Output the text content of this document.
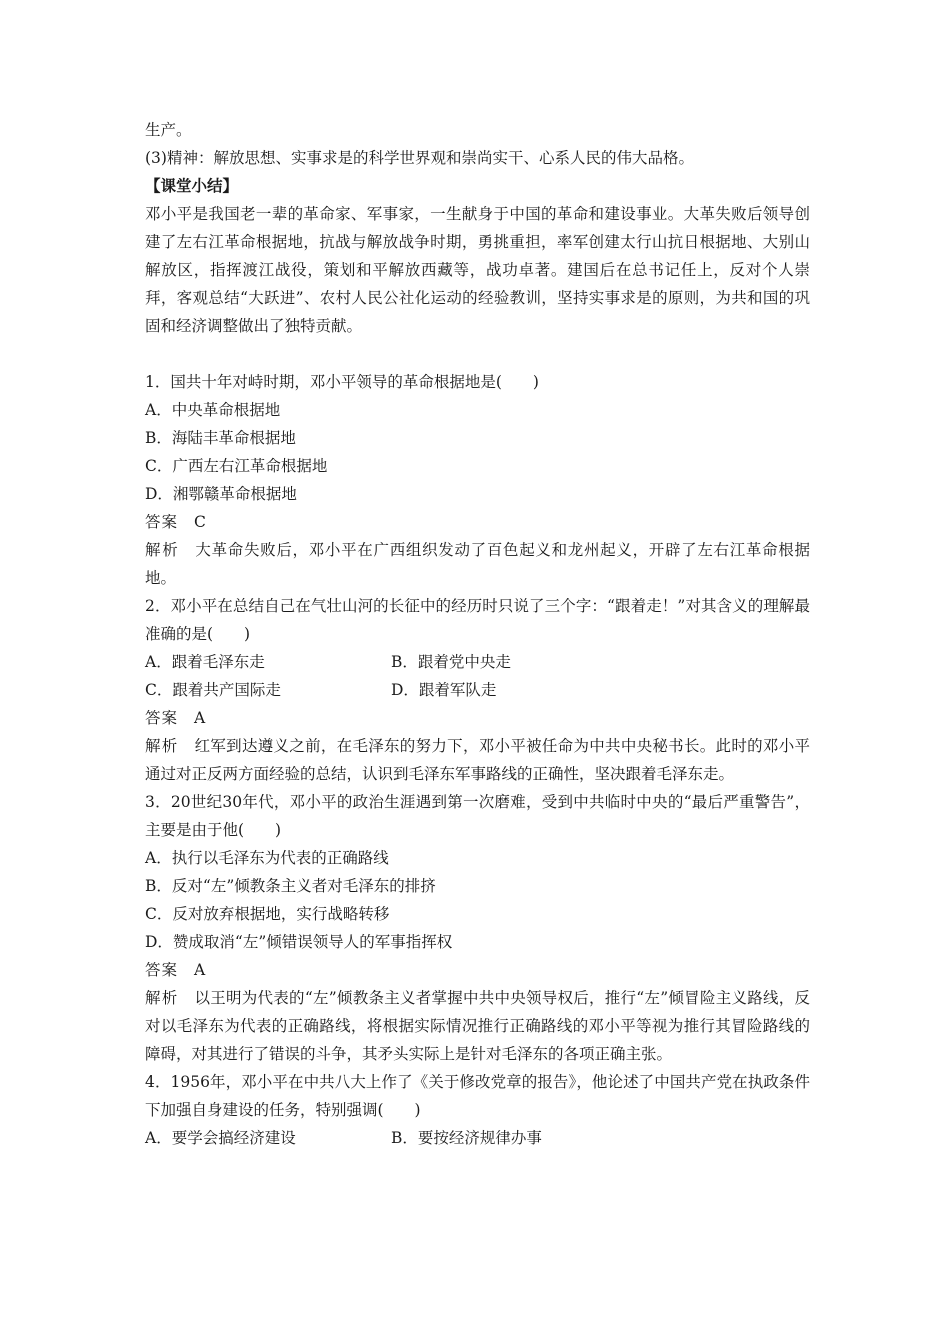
生产。
(3)精神：解放思想、实事求是的科学世界观和崇尚实干、心系人民的伟大品格。
【课堂小结】
邓小平是我国老一辈的革命家、军事家，一生献身于中国的革命和建设事业。大革失败后领导创建了左右江革命根据地，抗战与解放战争时期，勇挑重担，率军创建太行山抗日根据地、大别山解放区，指挥渡江战役，策划和平解放西藏等，战功卓著。建国后在总书记任上，反对个人崇拜，客观总结“大跃进”、农村人民公社化运动的经验教训，坚持实事求是的原则，为共和国的巩固和经济调整做出了独特贡献。
1．国共十年对峙时期，邓小平领导的革命根据地是(　　)
A．中央革命根据地
B．海陆丰革命根据地
C．广西左右江革命根据地
D．湘鄂赣革命根据地
答案 C
解析 大革命失败后，邓小平在广西组织发动了百色起义和龙州起义，开辟了左右江革命根据地。
2．邓小平在总结自己在气壮山河的长征中的经历时只说了三个字：“跟着走！”对其含义的理解最准确的是(　　)
A．跟着毛泽东走	B．跟着党中央走
C．跟着共产国际走	D．跟着军队走
答案 A
解析 红军到达遵义之前，在毛泽东的努力下，邓小平被任命为中共中央秘书长。此时的邓小平通过对正反两方面经验的总结，认识到毛泽东军事路线的正确性，坚决跟着毛泽东走。
3．20世纪30年代，邓小平的政治生涯遇到第一次磨难，受到中共临时中央的“最后严重警告”，主要是由于他(　　)
A．执行以毛泽东为代表的正确路线
B．反对“左”倾教条主义者对毛泽东的排挤
C．反对放弃根据地，实行战略转移
D．赞成取消“左”倾错误领导人的军事指挥权
答案 A
解析 以王明为代表的“左”倾教条主义者掌握中共中央领导权后，推行“左”倾冒险主义路线，反对以毛泽东为代表的正确路线，将根据实际情况推行正确路线的邓小平等视为推行其冒险路线的障碍，对其进行了错误的斗争，其矛头实际上是针对毛泽东的各项正确主张。
4．1956年，邓小平在中共八大上作了《关于修改党章的报告》，他论述了中国共产党在执政条件下加强自身建设的任务，特别强调(　　)
A．要学会搞经济建设	B．要按经济规律办事
